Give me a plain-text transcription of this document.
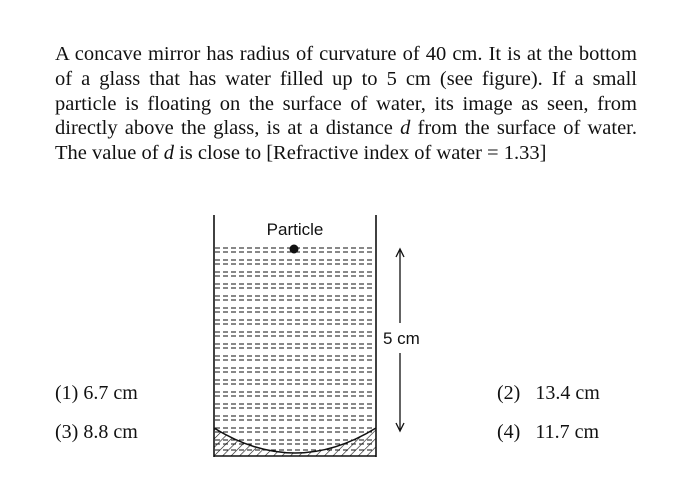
A concave mirror has radius of curvature of 40 cm. It is at the bottom of a glass that has water filled up to 5 cm (see figure). If a small particle is floating on the surface of water, its image as seen, from directly above the glass, is at a distance d from the surface of water. The value of d is close to [Refractive index of water = 1.33]

Particle
5 cm
(1) 6.7 cm	(2) 13.4 cm
(3) 8.8 cm	(4) 11.7 cm
